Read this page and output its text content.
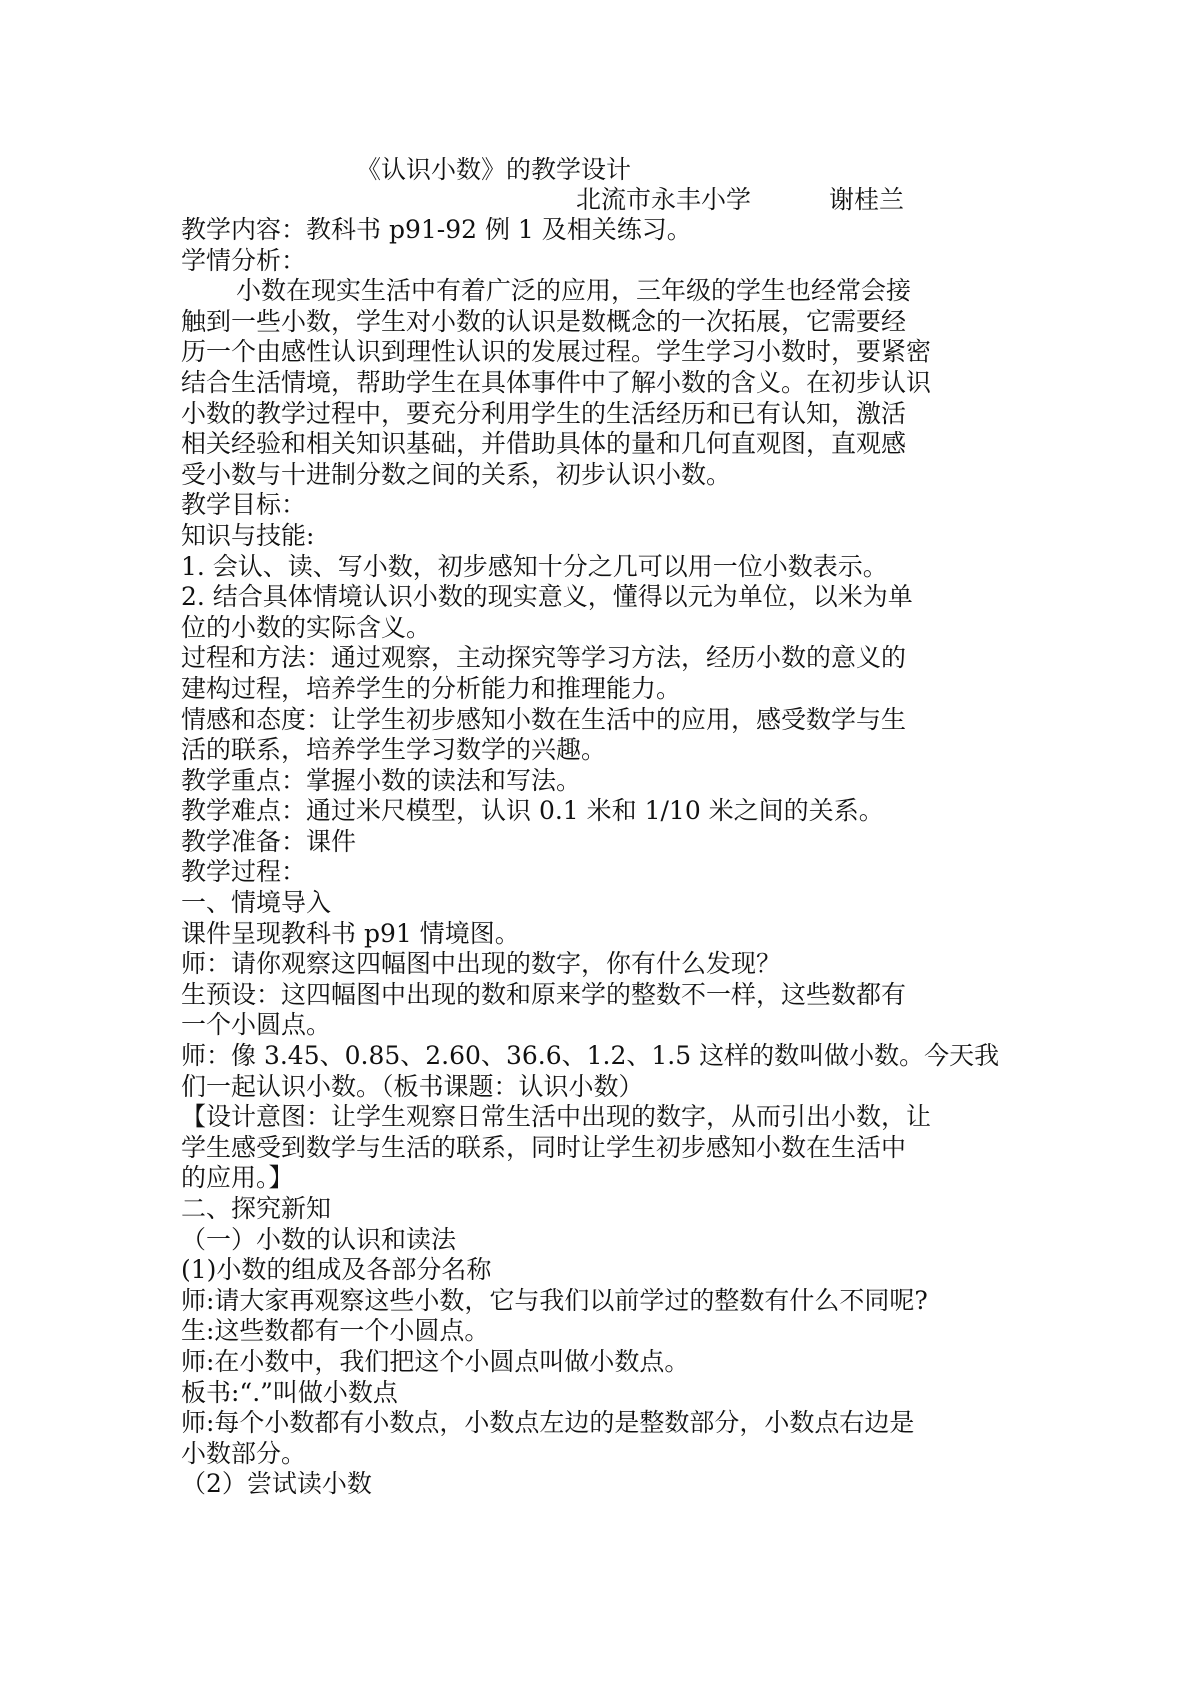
《认识小数》的教学设计
北流市永丰小学	谢桂兰
教学内容：教科书 p91-92 例 1 及相关练习。
学情分析：
小数在现实生活中有着广泛的应用，三年级的学生也经常会接
触到一些小数，学生对小数的认识是数概念的一次拓展，它需要经
历一个由感性认识到理性认识的发展过程。学生学习小数时，要紧密
结合生活情境，帮助学生在具体事件中了解小数的含义。在初步认识
小数的教学过程中，要充分利用学生的生活经历和已有认知，激活
相关经验和相关知识基础，并借助具体的量和几何直观图，直观感
受小数与十进制分数之间的关系，初步认识小数。
教学目标：
知识与技能:
1. 会认、读、写小数，初步感知十分之几可以用一位小数表示。
2. 结合具体情境认识小数的现实意义，懂得以元为单位，以米为单
位的小数的实际含义。
过程和方法：通过观察，主动探究等学习方法，经历小数的意义的
建构过程，培养学生的分析能力和推理能力。
情感和态度：让学生初步感知小数在生活中的应用，感受数学与生
活的联系，培养学生学习数学的兴趣。
教学重点：掌握小数的读法和写法。
教学难点：通过米尺模型，认识 0.1 米和 1/10 米之间的关系。
教学准备：课件
教学过程：
一、情境导入
课件呈现教科书 p91 情境图。
师：请你观察这四幅图中出现的数字，你有什么发现？
生预设：这四幅图中出现的数和原来学的整数不一样，这些数都有
一个小圆点。
师：像 3.45、0.85、2.60、36.6、1.2、1.5 这样的数叫做小数。今天我
们一起认识小数。（板书课题：认识小数）
【设计意图：让学生观察日常生活中出现的数字，从而引出小数，让
学生感受到数学与生活的联系，同时让学生初步感知小数在生活中
的应用。】
二、探究新知
（一）小数的认识和读法
(1)小数的组成及各部分名称
师:请大家再观察这些小数，它与我们以前学过的整数有什么不同呢?
生:这些数都有一个小圆点。
师:在小数中，我们把这个小圆点叫做小数点。
板书:“.”叫做小数点
师:每个小数都有小数点，小数点左边的是整数部分，小数点右边是
小数部分。
（2）尝试读小数
